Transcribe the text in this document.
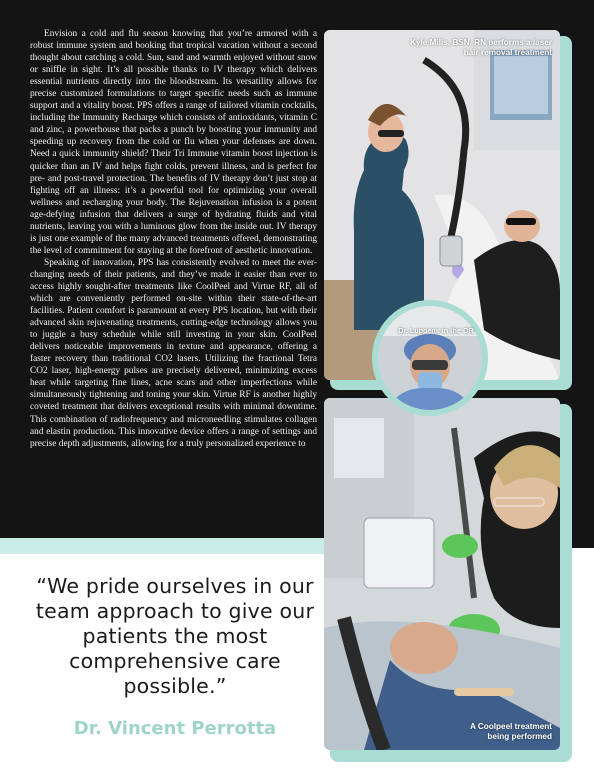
Envision a cold and flu season knowing that you’re armored with a robust immune system and booking that tropical vacation without a second thought about catching a cold. Sun, sand and warmth enjoyed without snow or sniffle in sight. It’s all possible thanks to IV therapy which delivers essential nutrients directly into the bloodstream. Its versatility allows for precise customized formulations to target specific needs such as immune support and a vitality boost. PPS offers a range of tailored vitamin cocktails, including the Immunity Recharge which consists of antioxidants, vitamin C and zinc, a powerhouse that packs a punch by boosting your immunity and speeding up recovery from the cold or flu when your defenses are down. Need a quick immunity shield? Their Tri Immune vitamin boost injection is quicker than an IV and helps fight colds, prevent illness, and is perfect for pre- and post-travel protection. The benefits of IV therapy don’t just stop at fighting off an illness: it’s a powerful tool for optimizing your overall wellness and recharging your body. The Rejuvenation infusion is a potent age-defying infusion that delivers a surge of hydrating fluids and vital nutrients, leaving you with a luminous glow from the inside out. IV therapy is just one example of the many advanced treatments offered, demonstrating the level of commitment for staying at the forefront of aesthetic innovation.

Speaking of innovation, PPS has consistently evolved to meet the ever-changing needs of their patients, and they’ve made it easier than ever to access highly sought-after treatments like CoolPeel and Virtue RF, all of which are conveniently performed on-site within their state-of-the-art facilities. Patient comfort is paramount at every PPS location, but with their advanced skin rejuvenating treatments, cutting-edge technology allows you to juggle a busy schedule while still investing in your skin. CoolPeel delivers noticeable improvements in texture and appearance, offering a faster recovery than traditional CO2 lasers. Utilizing the fractional Tetra CO2 laser, high-energy pulses are precisely delivered, minimizing excess heat while targeting fine lines, acne scars and other imperfections while simultaneously tightening and toning your skin. Virtue RF is another highly coveted treatment that delivers exceptional results with minimal downtime. This combination of radiofrequency and microneedling stimulates collagen and elastin production. This innovative device offers a range of settings and precise depth adjustments, allowing for a truly personalized experience to

Kyle Mills, BSN, RN performs a laser
hair removal treatment
A Coolpeel treatment
being performed
Dr. Luppens in the OR
“We pride ourselves in our team approach to give our patients the most comprehensive care possible.”
Dr. Vincent Perrotta
